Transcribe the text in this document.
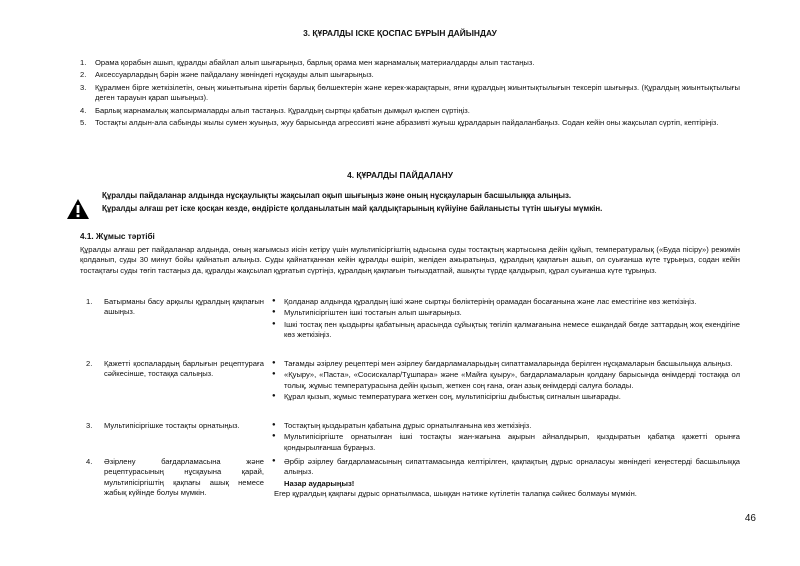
3. ҚҰРАЛДЫ ІСКЕ ҚОСПАС БҰРЫН ДАЙЫНДАУ
1. Орама қорабын ашып, құралды абайлап алып шығарыңыз, барлық орама мен жарнамалық материалдарды алып тастаңыз.
2. Аксессуарлардың бәрін және пайдалану жөніндегі нұсқауды алып шығарыңыз.
3. Құралмен бірге жеткізілетін, оның жиынтығына кіретін барлық бөлшектерін және керек-жарақтарын, яғни құралдың жиынтықтылығын тексеріп шығыңыз. (Құралдың жиынтықтылығы деген тарауын қарап шығыңыз).
4. Барлық жарнамалық жапсырмаларды алып тастаңыз. Құралдың сыртқы қабатын дымқыл қыспен сүртіңіз.
5. Тостақты алдын-ала сабынды жылы сумен жуыңыз, жуу барысында агрессивті және абразивті жуғыш құралдарын пайдаланбаңыз. Содан кейін оны жақсылап сүртіп, кептіріңіз.
4. ҚҰРАЛДЫ ПАЙДАЛАНУ
Құралды пайдаланар алдында нұсқаулықты жақсылап оқып шығыңыз және оның нұсқауларын басшылыққа алыңыз.
Құралды алғаш рет іске қосқан кезде, өндірісте қолданылатын май қалдықтарының күйіуіне байланысты түтін шығуы мүмкін.
4.1. Жұмыс тәртібі

Құралды алғаш рет пайдаланар алдында, оның жағымсыз иісін кетіру үшін мультипісіргіштің ыдысына суды тостақтың жартысына дейін құйып, температуралық («Буда пісіру») режимін қолданып, суды 30 минут бойы қайнатып алыңыз. Суды қайнатқаннан кейін құралды өшіріп, желіден ажыратыңыз, құралдың қақпағын ашып, ол суығанша күте тұрыңыз, содан кейін тостақтағы суды төгіп тастаңыз да, құралды жақсылап құрғатып сүртіңіз, құралдың қақпағын тығыздатпай, ашықты түрде қалдырып, құрал суығанша күте тұрыңыз.

1. Батырманы басу арқылы құралдың қақпағын ашыңыз.
● Қолданар алдында құралдың ішкі және сыртқы бөліктерінің орамадан босағанына және лас еместігіне көз жеткізіңіз.
● Мультипісіргіштен ішкі тостағын алып шығарыңыз.
● Ішкі тостақ пен қыздырғы қабатының арасында сұйықтық төгіліп қалмағанына немесе ешқандай бөгде заттардың жоқ екендігіне көз жеткізіңіз.
2. Қажетті қоспалардың барлығын рецептураға сәйкесінше, тостаққа салыңыз.
● Тағамды әзірлеу рецептері мен әзірлеу бағдарламаларыдың сипаттамаларында берілген нұсқамаларын басшылыққа алыңыз.
● «Қуыру», «Паста», «Сосискалар/Тұшпара» және «Майға қуыру», бағдарламаларын қолдану барысында өнімдерді тостаққа ол толық, жұмыс температурасына дейін қызып, жеткен соң ғана, оған азық өнімдерді салуға болады.
● Құрал қызып, жұмыс температураға жеткен соң, мультипісіргіш дыбыстық сигналын шығарады.
3. Мультипісіргішке тостақты орнатыңыз.
●	Тостақтың қыздыратын қабатына дұрыс орнатылғанына көз жеткізіңіз.
● Мультипісіргіште орнатылған ішкі тостақты жан-жағына ақырын айналдырып, қыздыратын қабатқа қажетті орынға қондырылғанша бұраңыз.
4. Әзірлену бағдарламасына және рецептурасының нұсқауына қарай, мультипісіргіштің қақпағы ашық немесе жабық күйінде болуы мүмкін.
● Әрбір әзірлеу бағдарламасының сипаттамасында келтірілген, қақпақтың дұрыс орналасуы жөніндегі кеңестерді басшылыққа алыңыз.
Назар аударыңыз!
Егер құралдың қақпағы дұрыс орнатылмаса, шыққан нәтиже күтілетін талапқа сәйкес болмауы мүмкін.
46
